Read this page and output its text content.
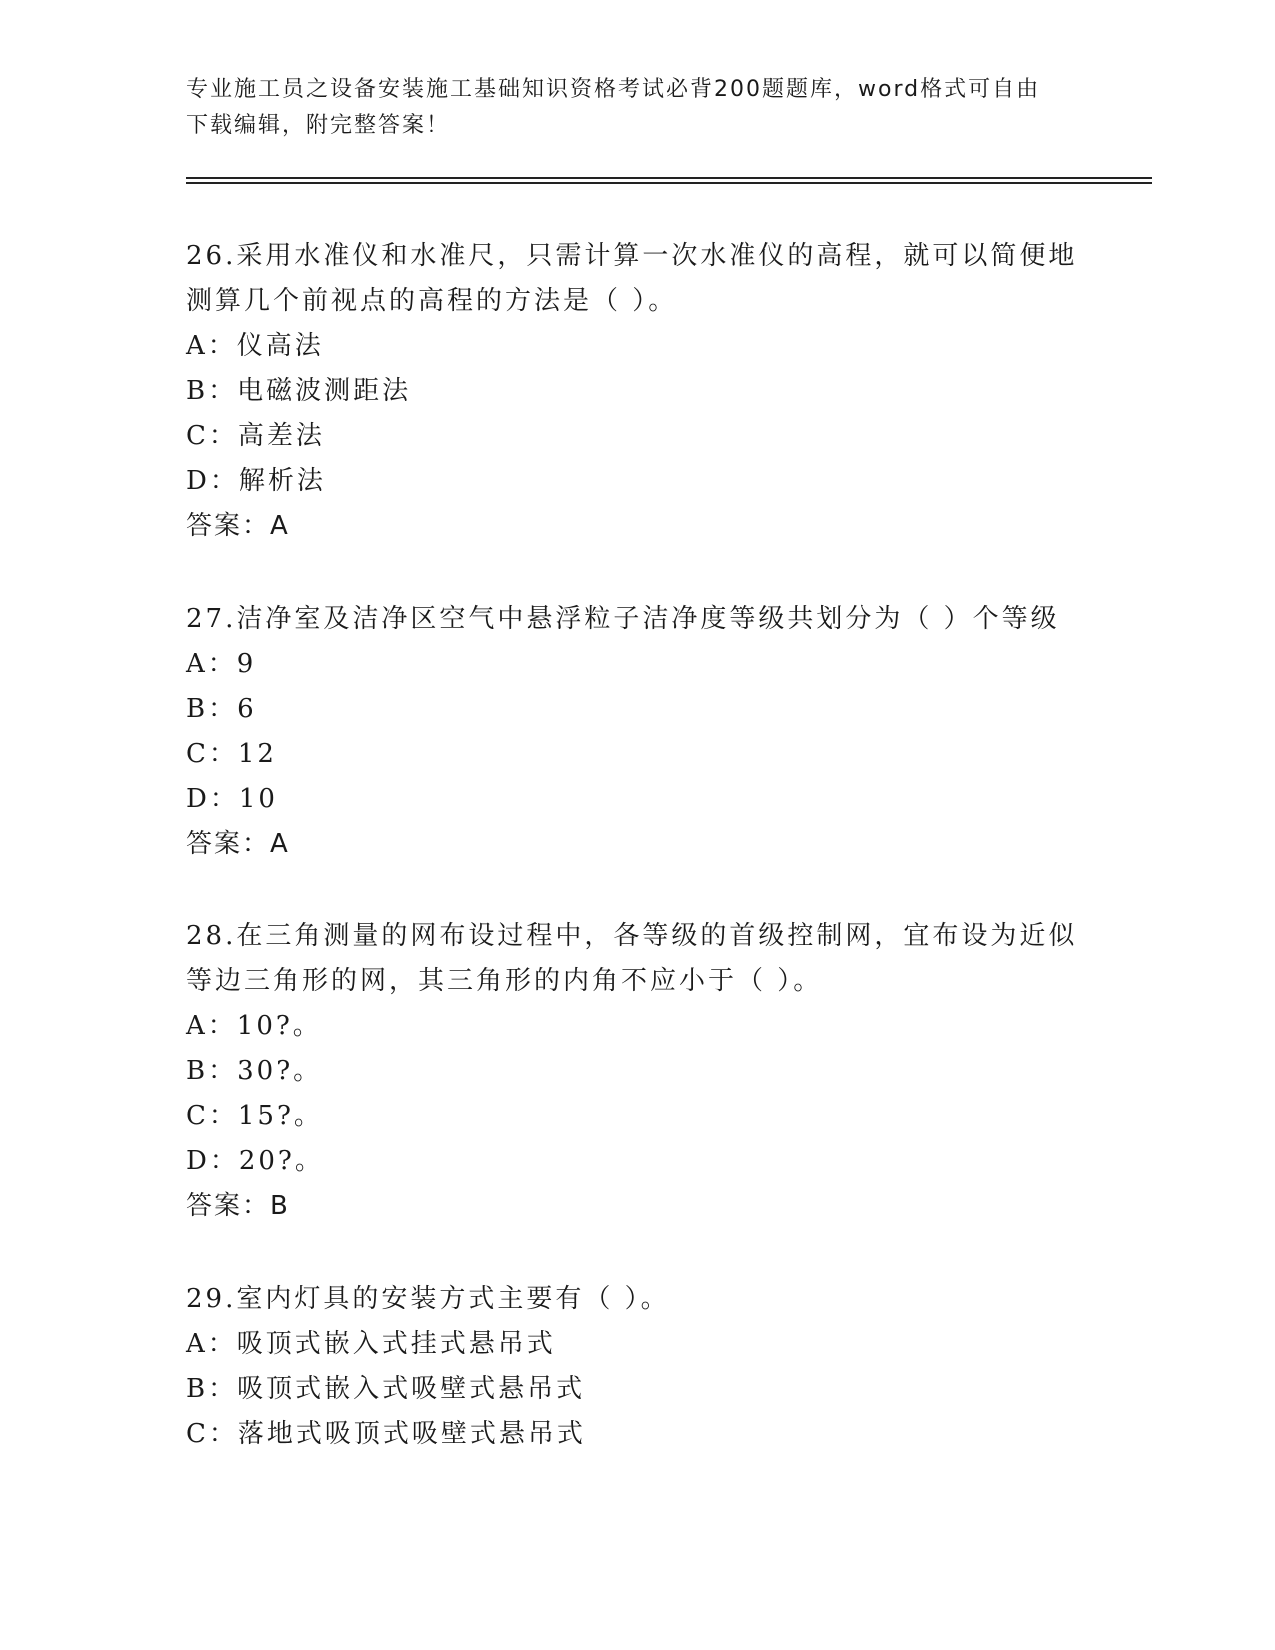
专业施工员之设备安装施工基础知识资格考试必背200题题库，word格式可自由
下载编辑，附完整答案！
26.采用水准仪和水准尺，只需计算一次水准仪的高程，就可以简便地
测算几个前视点的高程的方法是（ ）。
A：仪高法
B：电磁波测距法
C：高差法
D：解析法
答案：A
27.洁净室及洁净区空气中悬浮粒子洁净度等级共划分为（ ）个等级
A：9
B：6
C：12
D：10
答案：A
28.在三角测量的网布设过程中，各等级的首级控制网，宜布设为近似
等边三角形的网，其三角形的内角不应小于（ ）。
A：10?。
B：30?。
C：15?。
D：20?。
答案：B
29.室内灯具的安装方式主要有（ ）。
A：吸顶式嵌入式挂式悬吊式
B：吸顶式嵌入式吸壁式悬吊式
C：落地式吸顶式吸壁式悬吊式
